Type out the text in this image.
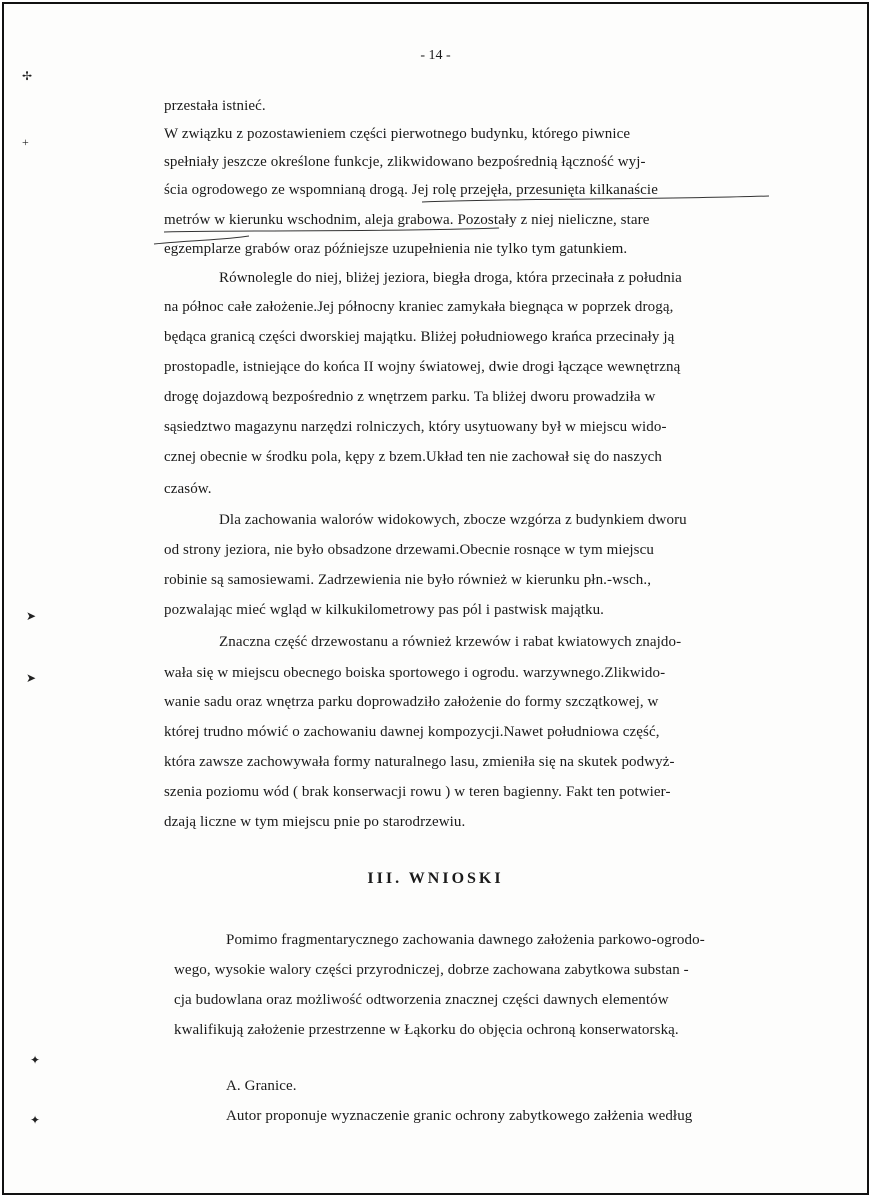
- 14 -
✢
+
➤
➤
✦
✦
przestała istnieć.
W związku z pozostawieniem części pierwotnego budynku, którego piwnice
spełniały jeszcze określone funkcje, zlikwidowano bezpośrednią łączność wyj-
ścia ogrodowego ze wspomnianą drogą. Jej rolę przejęła, przesunięta kilkanaście
metrów w kierunku wschodnim, aleja grabowa. Pozostały z niej nieliczne, stare
egzemplarze grabów oraz późniejsze uzupełnienia nie tylko tym gatunkiem.
Równolegle do niej, bliżej jeziora, biegła droga, która przecinała z południa
na północ całe założenie.Jej północny kraniec zamykała biegnąca w poprzek drogą,
będąca granicą części dworskiej majątku. Bliżej południowego krańca przecinały ją
prostopadle, istniejące do końca II wojny światowej, dwie drogi łączące wewnętrzną
drogę dojazdową bezpośrednio z wnętrzem parku. Ta bliżej dworu prowadziła w
sąsiedztwo magazynu narzędzi rolniczych, który usytuowany był w miejscu wido-
cznej obecnie w środku pola, kępy z bzem.Układ ten nie zachował się do naszych
czasów.
Dla zachowania walorów widokowych, zbocze wzgórza z budynkiem dworu
od strony jeziora, nie było obsadzone drzewami.Obecnie rosnące w tym miejscu
robinie są samosiewami. Zadrzewienia nie było również w kierunku płn.-wsch.,
pozwalając mieć wgląd w kilkukilometrowy pas pól i pastwisk majątku.
Znaczna część drzewostanu a również krzewów i rabat kwiatowych znajdo-
wała się w miejscu obecnego boiska sportowego i ogrodu. warzywnego.Zlikwido-
wanie sadu oraz wnętrza parku doprowadziło założenie do formy szczątkowej, w
której trudno mówić o zachowaniu dawnej kompozycji.Nawet południowa część,
która zawsze zachowywała formy naturalnego lasu, zmieniła się na skutek podwyż-
szenia poziomu wód ( brak konserwacji rowu ) w teren bagienny. Fakt ten potwier-
dzają liczne w tym miejscu pnie po starodrzewiu.
III. WNIOSKI
Pomimo fragmentarycznego zachowania dawnego założenia parkowo-ogrodo-
wego, wysokie walory części przyrodniczej, dobrze zachowana zabytkowa substan -
cja budowlana oraz możliwość odtworzenia znacznej części dawnych elementów
kwalifikują założenie przestrzenne w Łąkorku do objęcia ochroną konserwatorską.
A. Granice.
Autor proponuje wyznaczenie granic ochrony zabytkowego załżenia według
